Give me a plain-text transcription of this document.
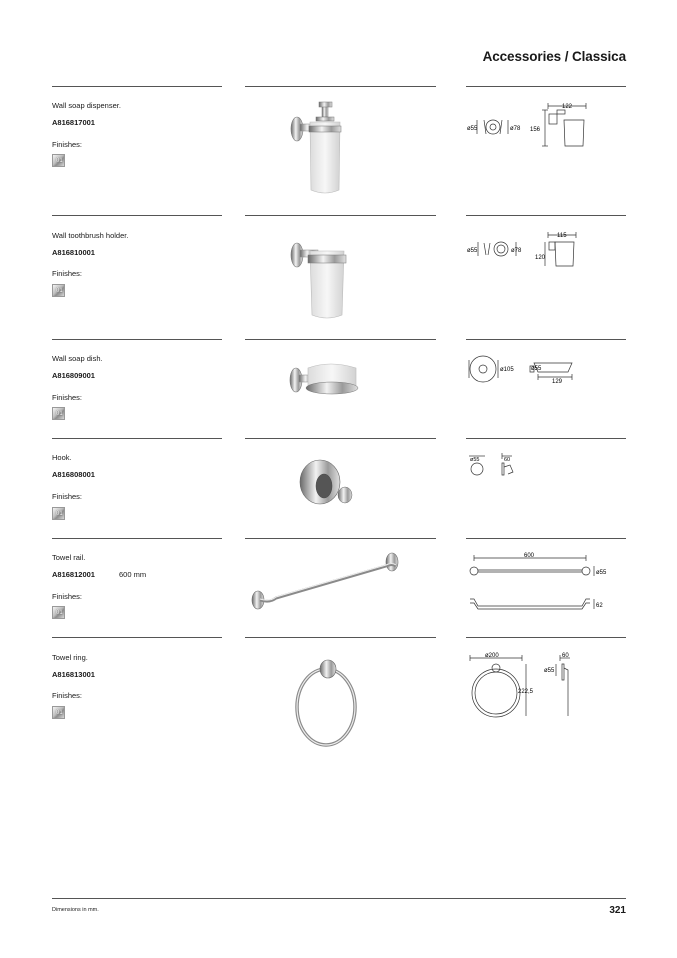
Accessories / Classica
Wall soap dispenser.
A816817001
Finishes:
01
ø55	ø78
122
156
Wall toothbrush holder.
A816810001
Finishes:
01
ø55	ø78
115
120
Wall soap dish.
A816809001
Finishes:
01
ø105	ø55
129
Hook.
A816808001
Finishes:
01
ø55	60
Towel rail.
A816812001	600 mm
Finishes:
01
600
ø55
62
Towel ring.
A816813001
Finishes:
01
ø200	60
ø55
222,5
Dimensions in mm.	321
